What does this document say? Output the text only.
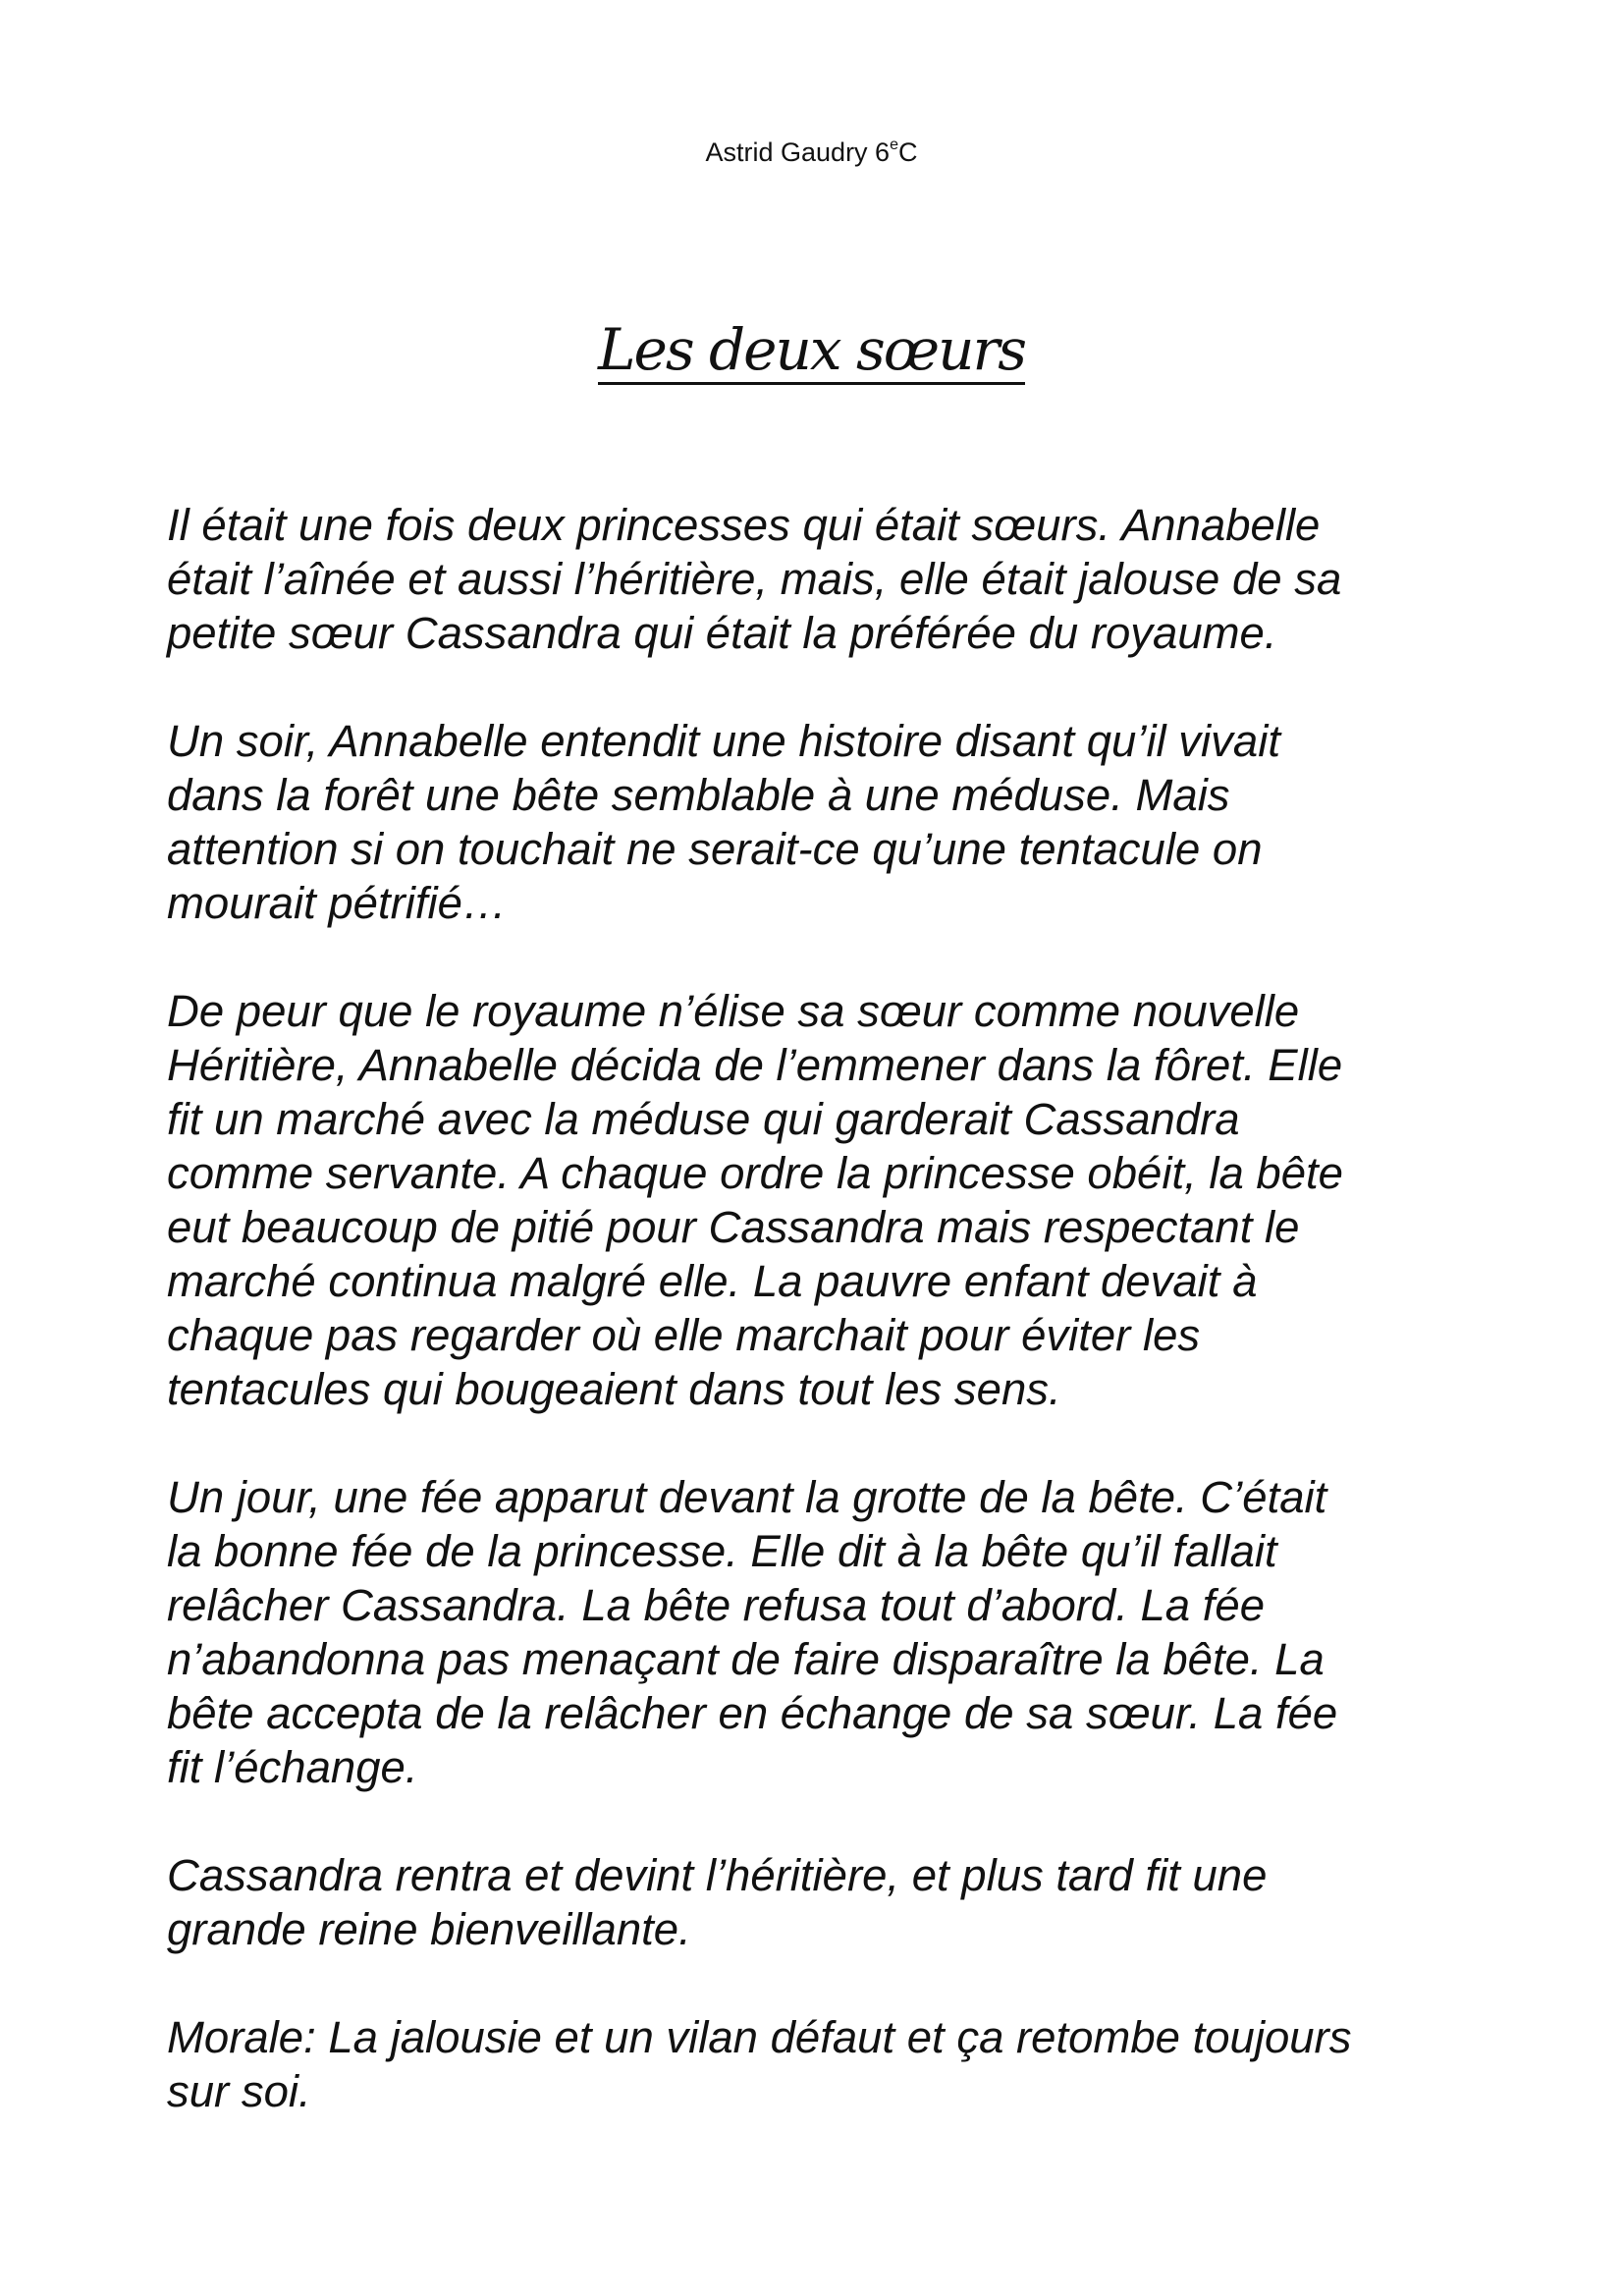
Astrid Gaudry 6eC
Les deux sœurs

Il était une fois deux princesses qui était sœurs. Annabelle
était l’aînée et aussi l’héritière, mais, elle était jalouse de sa
petite sœur Cassandra qui était la préférée du royaume.

Un soir, Annabelle entendit une histoire disant qu’il vivait
dans la forêt une bête semblable à une méduse. Mais
attention si on touchait ne serait-ce qu’une tentacule on
mourait pétrifié…

De peur que le royaume n’élise sa sœur comme nouvelle
Héritière, Annabelle décida de l’emmener dans la fôret. Elle
fit un marché avec la méduse qui garderait Cassandra
comme servante. A chaque ordre la princesse obéit, la bête
eut beaucoup de pitié pour Cassandra mais respectant le
marché continua malgré elle. La pauvre enfant devait à
chaque pas regarder où elle marchait pour éviter les
tentacules qui bougeaient dans tout les sens.

Un jour, une fée apparut devant la grotte de la bête. C’était
la bonne fée de la princesse. Elle dit à la bête qu’il fallait
relâcher Cassandra. La bête refusa tout d’abord. La fée
n’abandonna pas menaçant de faire disparaître la bête. La
bête accepta de la relâcher en échange de sa sœur. La fée
fit l’échange.

Cassandra rentra et devint l’héritière, et plus tard fit une
grande reine bienveillante.

Morale: La jalousie et un vilan défaut et ça retombe toujours
sur soi.
